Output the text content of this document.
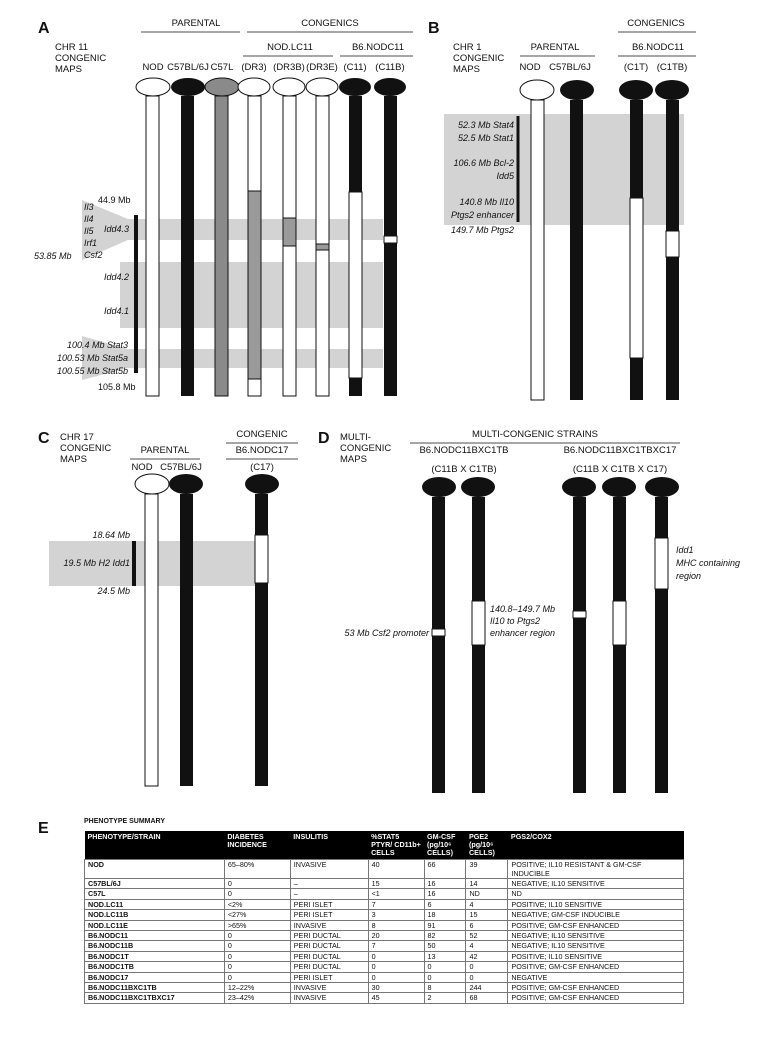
A
CHR 11
CONGENIC
MAPS
PARENTAL	CONGENICS
NOD.LC11	B6.NODC11
NOD C57BL/6J C57L (DR3) (DR3B) (DR3E) (C11) (C11B)
44.9 Mb
105.8 Mb
53.85 Mb
Il3
Il4
Il5
Irf1
Csf2
Idd4.3
Idd4.2
Idd4.1
100.4 Mb Stat3
100.53 Mb Stat5a
100.55 Mb Stat5b
B
CHR 1
CONGENIC
MAPS
PARENTAL
CONGENICS
B6.NODC11
NOD C57BL/6J	(C1T) (C1TB)
52.3 Mb Stat4
52.5 Mb Stat1
106.6 Mb Bcl-2
Idd5
140.8 Mb Il10
Ptgs2 enhancer
149.7 Mb Ptgs2
C CHR 17
CONGENIC
MAPS
PARENTAL
CONGENIC
B6.NODC17
NOD C57BL/6J	(C17)
18.64 Mb
19.5 Mb H2 Idd1
24.5 Mb
D MULTI-
CONGENIC
MAPS
MULTI-CONGENIC STRAINS
B6.NODC11BXC1TB	B6.NODC11BXC1TBXC17
(C11B X C1TB)	(C11B X C1TB X C17)
53 Mb Csf2 promoter
140.8–149.7 Mb
Il10 to Ptgs2
enhancer region
Idd1
MHC containing
region
E	PHENOTYPE SUMMARY
PHENOTYPE/STRAIN	DIABETES INCIDENCE	INSULITIS	%STAT5 PTYR/ CD11b+ CELLS	GM-CSF (pg/10⁶ CELLS)	PGE2 (pg/10⁶ CELLS)	PGS2/COX2
NOD	65–80%	INVASIVE	40	66	39	POSITIVE; IL10 RESISTANT & GM-CSF INDUCIBLE
C57BL/6J	0	–	15	16	14	NEGATIVE; IL10 SENSITIVE
C57L	0	–	<1	16	ND	ND
NOD.LC11	<2%	PERI ISLET	7	6	4	POSITIVE; IL10 SENSITIVE
NOD.LC11B	<27%	PERI ISLET	3	18	15	NEGATIVE; GM-CSF INDUCIBLE
NOD.LC11E	>65%	INVASIVE	8	91	6	POSITIVE; GM-CSF ENHANCED
B6.NODC11	0	PERI DUCTAL	20	82	52	NEGATIVE; IL10 SENSITIVE
B6.NODC11B	0	PERI DUCTAL	7	50	4	NEGATIVE; IL10 SENSITIVE
B6.NODC1T	0	PERI DUCTAL	0	13	42	POSITIVE; IL10 SENSITIVE
B6.NODC1TB	0	PERI DUCTAL	0	0	0	POSITIVE; GM-CSF ENHANCED
B6.NODC17	0	PERI ISLET	0	0	0	NEGATIVE
B6.NODC11BXC1TB	12–22%	INVASIVE	30	8	244	POSITIVE; GM-CSF ENHANCED
B6.NODC11BXC1TBXC17	23–42%	INVASIVE	45	2	68	POSITIVE; GM-CSF ENHANCED
